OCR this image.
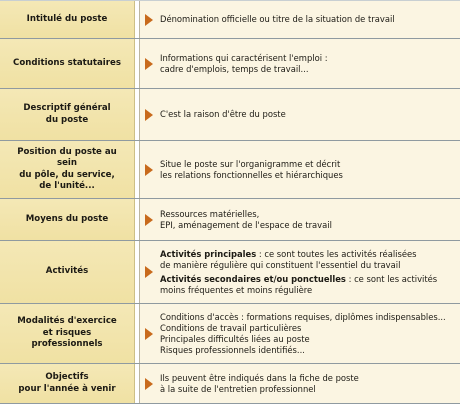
Intitulé du poste	Dénomination officielle ou titre de la situation de travail
Conditions statutaires
Informations qui caractérisent l'emploi :
cadre d'emplois, temps de travail...
Descriptif général
du poste
C'est la raison d'être du poste
Position du poste au sein
du pôle, du service,
de l'unité...
Situe le poste sur l'organigramme et décrit
les relations fonctionnelles et hiérarchiques
Moyens du poste
Ressources matérielles,
EPI, aménagement de l'espace de travail
Activités
Activités principales : ce sont toutes les activités réalisées
de manière régulière qui constituent l'essentiel du travail
Activités secondaires et/ou ponctuelles : ce sont les activités
moins fréquentes et moins régulière
Modalités d'exercice
et risques professionnels
Conditions d'accès : formations requises, diplômes indispensables...
Conditions de travail particulières
Principales difficultés liées au poste
Risques professionnels identifiés...
Objectifs
pour l'année à venir
Ils peuvent être indiqués dans la fiche de poste
à la suite de l'entretien professionnel
